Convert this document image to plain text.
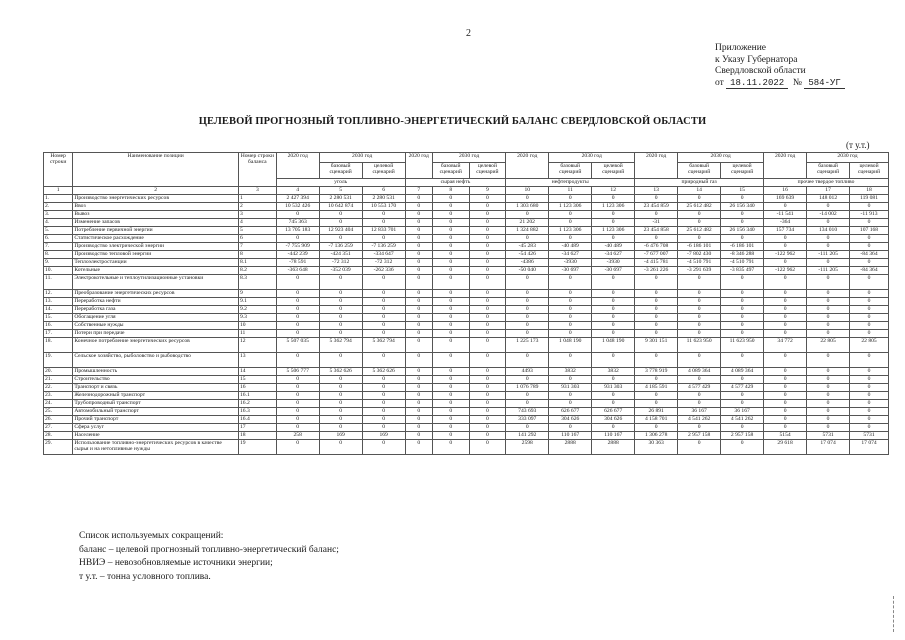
2
Приложение
к Указу Губернатора
Свердловской области
от 18.11.2022 № 584-УГ
ЦЕЛЕВОЙ ПРОГНОЗНЫЙ ТОПЛИВНО-ЭНЕРГЕТИЧЕСКИЙ БАЛАНС СВЕРДЛОВСКОЙ ОБЛАСТИ
(т у.т.)
Номер строки	Наименование позиции	Номер строки баланса	2020 год	2030 год		2020 год	2030 год		2020 год	2030 год		2020 год	2030 год		2020 год	2030 год	
				базовый сценарий	целевой сценарий		базовый сценарий	целевой сценарий		базовый сценарий	целевой сценарий		базовый сценарий	целевой сценарий		базовый сценарий	целевой сценарий
			уголь			сырая нефть			нефтепродукты			природный газ			прочее твердое топливо		
1	2	3	4	5	6	7	8	9	10	11	12	13	14	15	16	17	18
1.	Производство энергетических ресурсов	1	2 427 394	2 280 531	2 280 531	0	0	0	0	0	0	0	0	0	169 639	148 012	119 081
2.	Ввоз	2	10 532 426	10 642 874	10 553 170	0	0	0	1 303 680	1 123 306	1 123 306	23 454 859	25 612 482	26 156 340	0	0	0
3.	Вывоз	3	0	0	0	0	0	0	0	0	0	0	0	0	-11 541	-14 002	-11 913
4.	Изменение запасов	4	745 363	0	0	0	0	0	21 202	0	0	-31	0	0	-364	0	0
5.	Потребление первичной энергии	5	13 705 183	12 923 404	12 833 701	0	0	0	1 324 882	1 123 306	1 123 306	23 454 858	25 612 482	26 156 340	157 734	134 010	107 168
6.	Статистическое расхождение	6	0	0	0	0	0	0	0	0	0	0	0	0	0	0	0
7.	Производство электрической энергии	7	-7 755 909	-7 136 259	-7 136 259	0	0	0	-45 283	-40 489	-40 489	-6 476 708	-6 186 101	-6 186 101	0	0	0
8.	Производство тепловой энергии	8	-442 239	-424 351	-334 647	0	0	0	-54 426	-34 627	-34 627	-7 677 007	-7 802 430	-8 346 288	-122 962	-111 205	-84 364
9.	Теплоэлектростанции	8.1	-78 591	-72 312	-72 312	0	0	0	-4386	-3930	-3930	-4 415 781	-4 510 791	-4 510 791	0	0	0
10.	Котельные	8.2	-363 648	-352 039	-262 336	0	0	0	-50 040	-30 697	-30 697	-3 261 226	-3 291 639	-3 835 497	-122 962	-111 205	-84 364
11.	Электрокотельные и теплоутилизационные установки	8.3	0	0	0	0	0	0	0	0	0	0	0	0	0	0	0
12.	Преобразование энергетических ресурсов	9	0	0	0	0	0	0	0	0	0	0	0	0	0	0	0
13.	Переработка нефти	9.1	0	0	0	0	0	0	0	0	0	0	0	0	0	0	0
14.	Переработка газа	9.2	0	0	0	0	0	0	0	0	0	0	0	0	0	0	0
15.	Обогащение угля	9.3	0	0	0	0	0	0	0	0	0	0	0	0	0	0	0
16.	Собственные нужды	10	0	0	0	0	0	0	0	0	0	0	0	0	0	0	0
17.	Потери при передаче	11	0	0	0	0	0	0	0	0	0	0	0	0	0	0	0
18.	Конечное потребление энергетических ресурсов	12	5 507 035	5 362 794	5 362 794	0	0	0	1 225 173	1 048 190	1 048 190	9 301 151	11 623 950	11 623 950	34 772	22 805	22 805
19.	Сельское хозяйство, рыболовство и рыбоводство	13	0	0	0	0	0	0	0	0	0	0	0	0	0	0	0
20.	Промышленность	14	5 506 777	5 362 626	5 362 626	0	0	0	4493	3832	3832	3 778 919	4 089 364	4 089 364	0	0	0
21.	Строительство	15	0	0	0	0	0	0	0	0	0	0	0	0	0	0	0
22.	Транспорт и связь	16	0	0	0	0	0	0	1 076 789	931 303	931 303	4 185 591	4 577 429	4 577 429	0	0	0
23.	Железнодорожный транспорт	16.1	0	0	0	0	0	0	0	0	0	0	0	0	0	0	0
24.	Трубопроводный транспорт	16.2	0	0	0	0	0	0	0	0	0	0	0	0	0	0	0
25.	Автомобильный транспорт	16.3	0	0	0	0	0	0	743 693	626 677	626 677	26 891	36 167	36 167	0	0	0
26.	Прочий транспорт	16.4	0	0	0	0	0	0	333 097	304 626	304 626	4 158 701	4 541 262	4 541 262	0	0	0
27.	Сфера услуг	17	0	0	0	0	0	0	0	0	0	0	0	0	0	0	0
28.	Население	18	258	169	169	0	0	0	141 292	110 167	110 167	1 306 278	2 957 158	2 957 158	5154	5731	5731
29.	Использование топливно-энергетических ресурсов в качестве сырья и на нетопливные нужды	19	0	0	0	0	0	0	2598	2888	2888	30 363	0	0	29 618	17 074	17 074
Список используемых сокращений:
баланс – целевой прогнозный топливно-энергетический баланс;
НВИЭ – невозобновляемые источники энергии;
т у.т. – тонна условного топлива.
